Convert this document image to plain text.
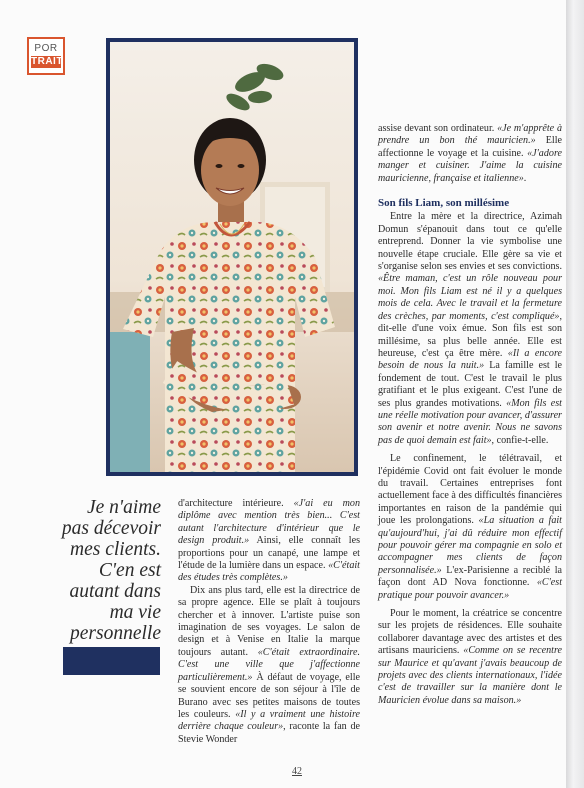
POR
TRAIT
Je n'aime
pas décevoir
mes clients.
C'en est
autant dans
ma vie
personnelle

d'architecture intérieure. «J'ai eu mon diplôme avec mention très bien... C'est autant l'architecture d'intérieur que le design produit.» Ainsi, elle connaît les proportions pour un canapé, une lampe et l'étude de la lumière dans un espace. «C'était des études très complètes.»

Dix ans plus tard, elle est la directrice de sa propre agence. Elle se plaît à toujours chercher et à innover. L'artiste puise son imagination de ses voyages. Le salon de design et à Venise en Italie la marque toujours autant. «C'était extraordinaire. C'est une ville que j'affectionne particulièrement.» À défaut de voyage, elle se souvient encore de son séjour à l'île de Burano avec ses petites maisons de toutes les couleurs. «Il y a vraiment une histoire derrière chaque couleur», raconte la fan de Stevie Wonder

assise devant son ordinateur. «Je m'apprête à prendre un bon thé mauricien.» Elle affectionne le voyage et la cuisine. «J'adore manger et cuisiner. J'aime la cuisine mauricienne, française et italienne».

Son fils Liam, son millésime

Entre la mère et la directrice, Azimah Domun s'épanouit dans tout ce qu'elle entreprend. Donner la vie symbolise une nouvelle étape cruciale. Elle gère sa vie et s'organise selon ses envies et ses convictions. «Être maman, c'est un rôle nouveau pour moi. Mon fils Liam est né il y a quelques mois de cela. Avec le travail et la fermeture des crèches, par moments, c'est compliqué», dit-elle d'une voix émue. Son fils est son millésime, sa plus belle année. Elle est heureuse, c'est ça être mère. «Il a encore besoin de nous la nuit.» La famille est le fondement de tout. C'est le travail le plus gratifiant et le plus exigeant. C'est l'une de ses plus grandes motivations. «Mon fils est une réelle motivation pour avancer, d'assurer son avenir et notre avenir. Nous ne savons pas de quoi demain est fait», confie-t-elle.

Le confinement, le télétravail, et l'épidémie Covid ont fait évoluer le monde du travail. Certaines entreprises font actuellement face à des difficultés financières importantes en raison de la pandémie qui joue les prolongations. «La situation a fait qu'aujourd'hui, j'ai dû réduire mon effectif pour pouvoir gérer ma compagnie en solo et accompagner mes clients de façon personnalisée.» L'ex-Parisienne a reciblé la façon dont AD Nova fonctionne. «C'est pratique pour pouvoir avancer.»

Pour le moment, la créatrice se concentre sur les projets de résidences. Elle souhaite collaborer davantage avec des artistes et des artisans mauriciens. «Comme on se recentre sur Maurice et qu'avant j'avais beaucoup de projets avec des clients internationaux, l'idée c'est de travailler sur la manière dont le Mauricien évolue dans sa maison.»

42
